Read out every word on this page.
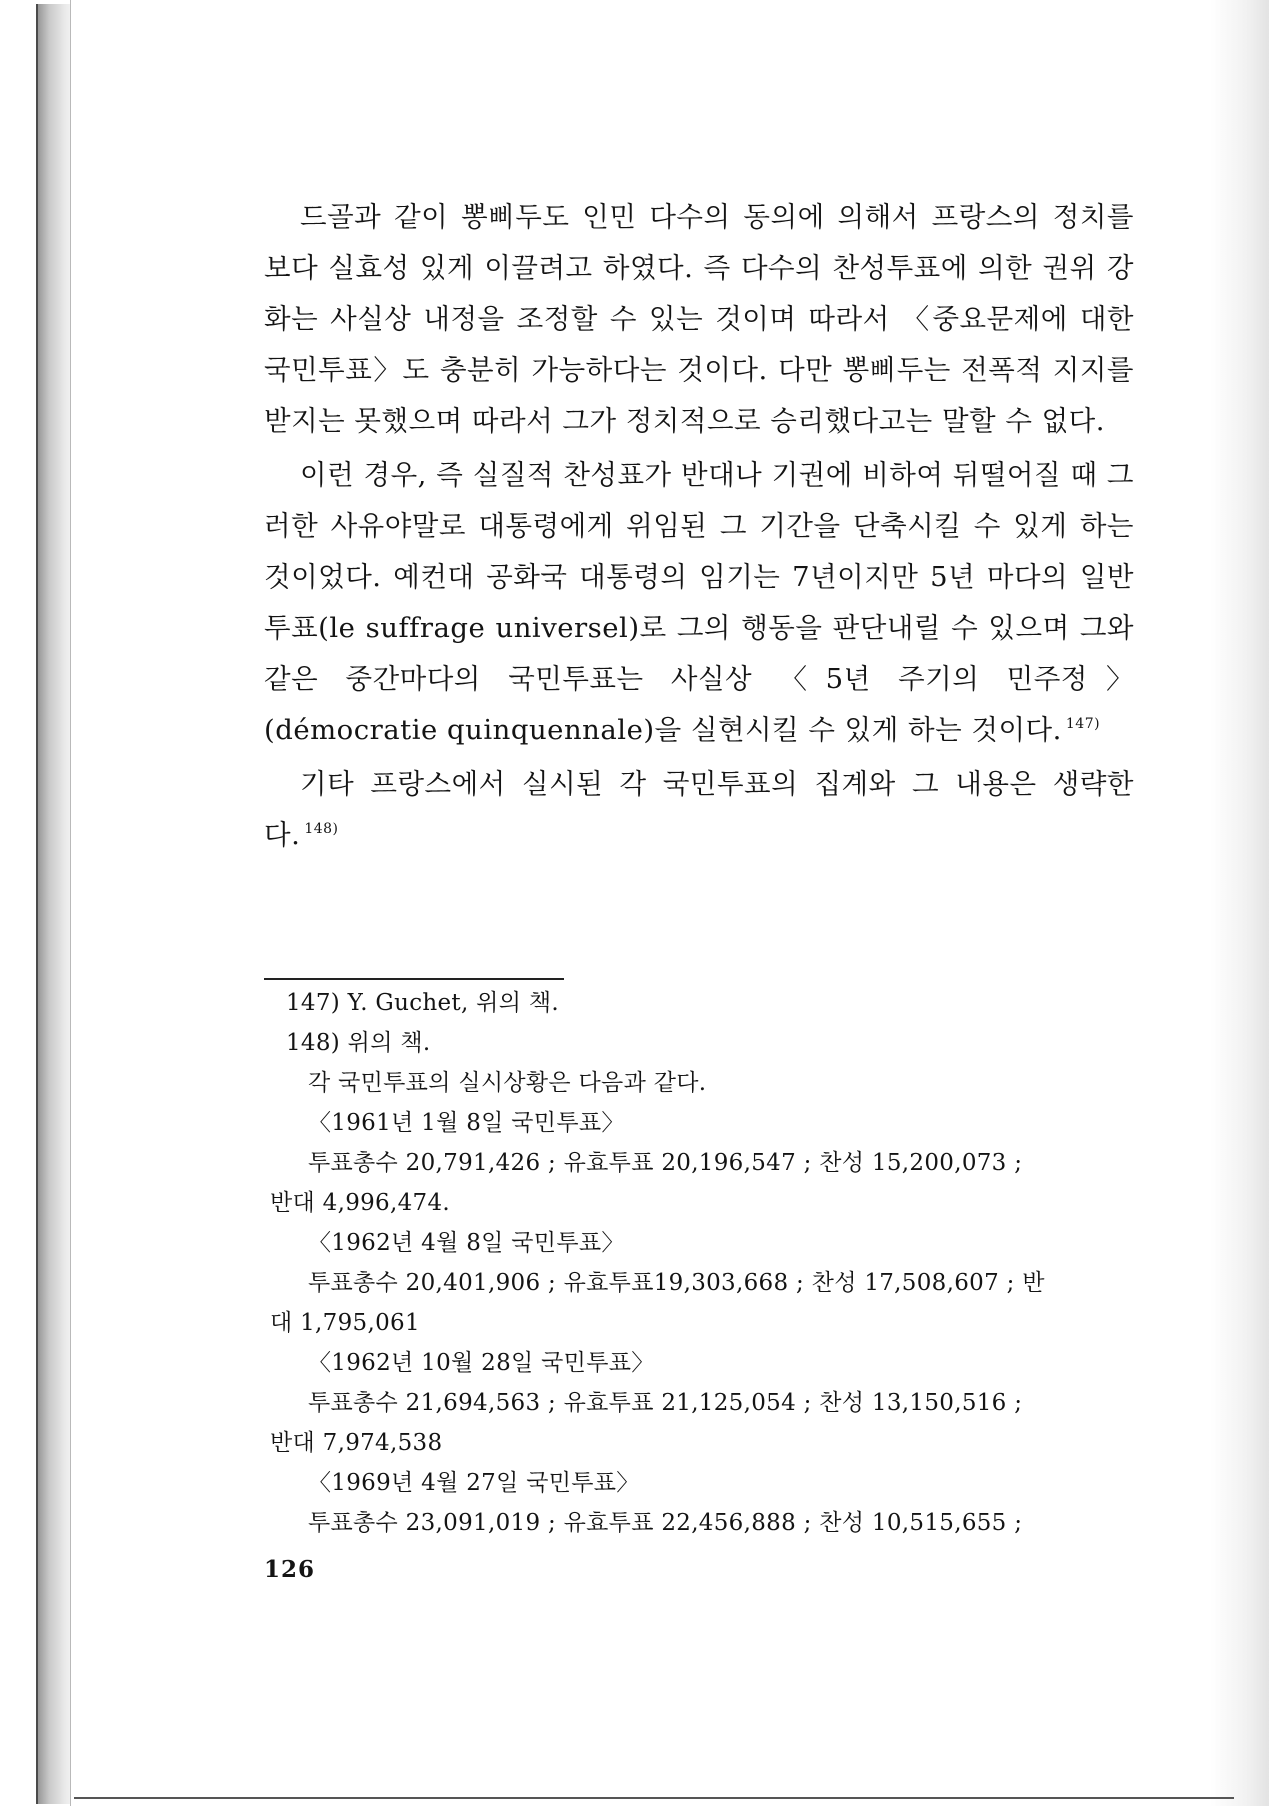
드골과 같이 뽕삐두도 인민 다수의 동의에 의해서 프랑스의 정치를 보다 실효성 있게 이끌려고 하였다. 즉 다수의 찬성투표에 의한 권위 강화는 사실상 내정을 조정할 수 있는 것이며 따라서 〈중요문제에 대한 국민투표〉도 충분히 가능하다는 것이다. 다만 뽕삐두는 전폭적 지지를 받지는 못했으며 따라서 그가 정치적으로 승리했다고는 말할 수 없다.

이런 경우, 즉 실질적 찬성표가 반대나 기권에 비하여 뒤떨어질 때 그러한 사유야말로 대통령에게 위임된 그 기간을 단축시킬 수 있게 하는 것이었다. 예컨대 공화국 대통령의 임기는 7년이지만 5년 마다의 일반투표(le suffrage universel)로 그의 행동을 판단내릴 수 있으며 그와 같은 중간마다의 국민투표는 사실상 〈5년 주기의 민주정〉(démocratie quinquennale)을 실현시킬 수 있게 하는 것이다. $^{147)}$

기타 프랑스에서 실시된 각 국민투표의 집계와 그 내용은 생략한다. $^{148)}$

147) Y. Guchet, 위의 책.

148) 위의 책.

각 국민투표의 실시상황은 다음과 같다.

〈1961년 1월 8일 국민투표〉

투표총수 20,791,426 ; 유효투표 20,196,547 ; 찬성 15,200,073 ;

반대 4,996,474.

〈1962년 4월 8일 국민투표〉

투표총수 20,401,906 ; 유효투표19,303,668 ; 찬성 17,508,607 ; 반

대 1,795,061

〈1962년 10월 28일 국민투표〉

투표총수 21,694,563 ; 유효투표 21,125,054 ; 찬성 13,150,516 ;

반대 7,974,538

〈1969년 4월 27일 국민투표〉

투표총수 23,091,019 ; 유효투표 22,456,888 ; 찬성 10,515,655 ;

126
